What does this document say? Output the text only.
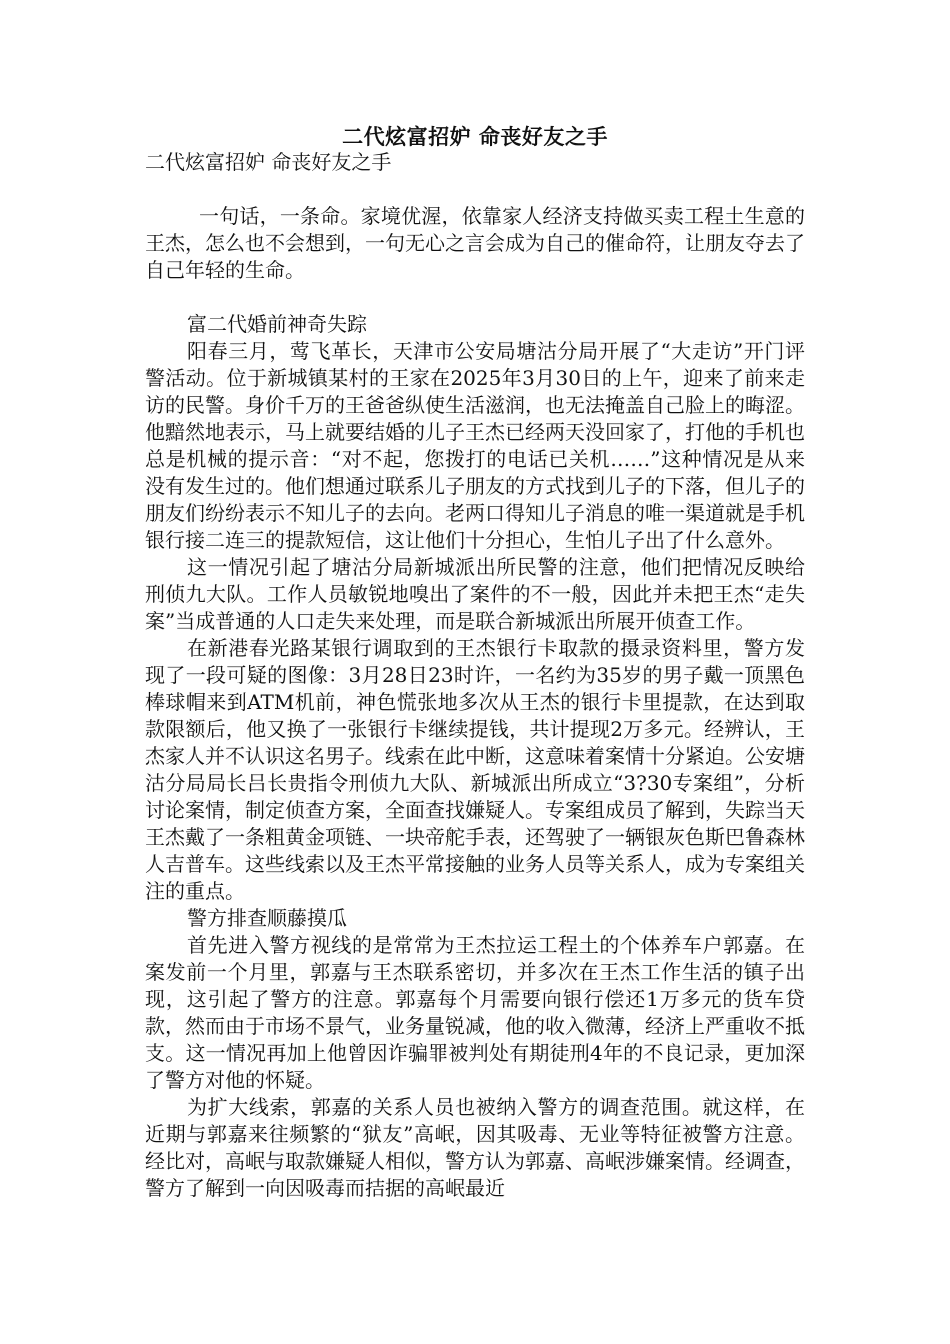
二代炫富招妒 命丧好友之手

二代炫富招妒 命丧好友之手

一句话，一条命。家境优渥，依靠家人经济支持做买卖工程土生意的王杰，怎么也不会想到，一句无心之言会成为自己的催命符，让朋友夺去了自己年轻的生命。

富二代婚前神奇失踪

阳春三月，莺飞革长，天津市公安局塘沽分局开展了“大走访”开门评警活动。位于新城镇某村的王家在2025年3月30日的上午，迎来了前来走访的民警。身价千万的王爸爸纵使生活滋润，也无法掩盖自己脸上的晦涩。他黯然地表示，马上就要结婚的儿子王杰已经两天没回家了，打他的手机也总是机械的提示音：“对不起，您拨打的电话已关机……”这种情况是从来没有发生过的。他们想通过联系儿子朋友的方式找到儿子的下落，但儿子的朋友们纷纷表示不知儿子的去向。老两口得知儿子消息的唯一渠道就是手机银行接二连三的提款短信，这让他们十分担心，生怕儿子出了什么意外。

这一情况引起了塘沽分局新城派出所民警的注意，他们把情况反映给刑侦九大队。工作人员敏锐地嗅出了案件的不一般，因此并未把王杰“走失案”当成普通的人口走失来处理，而是联合新城派出所展开侦查工作。

在新港春光路某银行调取到的王杰银行卡取款的摄录资料里，警方发现了一段可疑的图像：3月28日23时许，一名约为35岁的男子戴一顶黑色棒球帽来到ATM机前，神色慌张地多次从王杰的银行卡里提款，在达到取款限额后，他又换了一张银行卡继续提钱，共计提现2万多元。经辨认，王杰家人并不认识这名男子。线索在此中断，这意味着案情十分紧迫。公安塘沽分局局长吕长贵指令刑侦九大队、新城派出所成立“3?30专案组”，分析讨论案情，制定侦查方案，全面查找嫌疑人。专案组成员了解到，失踪当天王杰戴了一条粗黄金项链、一块帝舵手表，还驾驶了一辆银灰色斯巴鲁森林人吉普车。这些线索以及王杰平常接触的业务人员等关系人，成为专案组关注的重点。

警方排查顺藤摸瓜

首先进入警方视线的是常常为王杰拉运工程土的个体养车户郭嘉。在案发前一个月里，郭嘉与王杰联系密切，并多次在王杰工作生活的镇子出现，这引起了警方的注意。郭嘉每个月需要向银行偿还1万多元的货车贷款，然而由于市场不景气，业务量锐减，他的收入微薄，经济上严重收不抵支。这一情况再加上他曾因诈骗罪被判处有期徒刑4年的不良记录，更加深了警方对他的怀疑。

为扩大线索，郭嘉的关系人员也被纳入警方的调查范围。就这样，在近期与郭嘉来往频繁的“狱友”高岷，因其吸毒、无业等特征被警方注意。经比对，高岷与取款嫌疑人相似，警方认为郭嘉、高岷涉嫌案情。经调查，警方了解到一向因吸毒而拮据的高岷最近
